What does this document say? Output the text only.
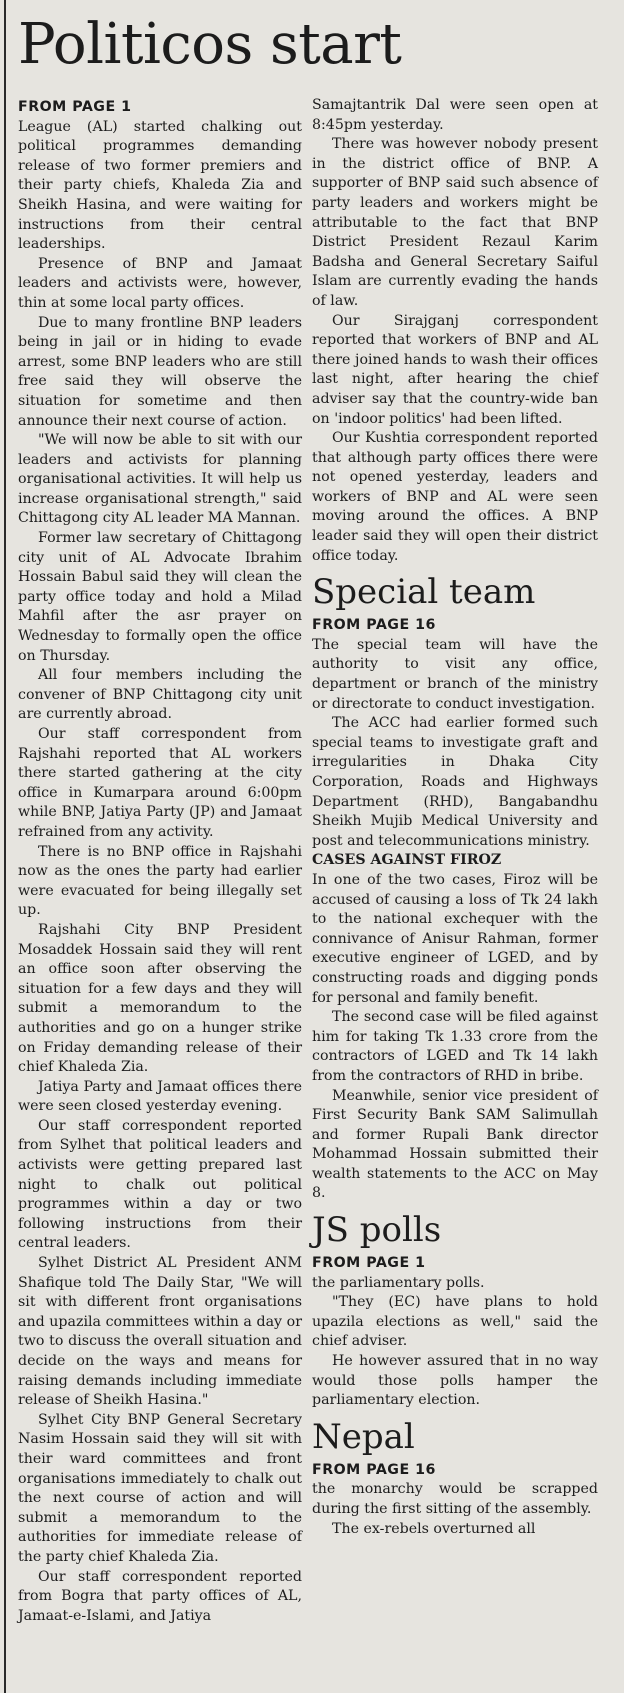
Politicos start

FROM PAGE 1

League (AL) started chalking out political programmes demanding release of two former premiers and their party chiefs, Khaleda Zia and Sheikh Hasina, and were waiting for instructions from their central leaderships.

Presence of BNP and Jamaat leaders and activists were, however, thin at some local party offices.

Due to many frontline BNP leaders being in jail or in hiding to evade arrest, some BNP leaders who are still free said they will observe the situation for sometime and then announce their next course of action.

"We will now be able to sit with our leaders and activists for planning organisational activities. It will help us increase organisational strength," said Chittagong city AL leader MA Mannan.

Former law secretary of Chittagong city unit of AL Advocate Ibrahim Hossain Babul said they will clean the party office today and hold a Milad Mahfil after the asr prayer on Wednesday to formally open the office on Thursday.

All four members including the convener of BNP Chittagong city unit are currently abroad.

Our staff correspondent from Rajshahi reported that AL workers there started gathering at the city office in Kumarpara around 6:00pm while BNP, Jatiya Party (JP) and Jamaat refrained from any activity.

There is no BNP office in Rajshahi now as the ones the party had earlier were evacuated for being illegally set up.

Rajshahi City BNP President Mosaddek Hossain said they will rent an office soon after observing the situation for a few days and they will submit a memorandum to the authorities and go on a hunger strike on Friday demanding release of their chief Khaleda Zia.

Jatiya Party and Jamaat offices there were seen closed yesterday evening.

Our staff correspondent reported from Sylhet that political leaders and activists were getting prepared last night to chalk out political programmes within a day or two following instructions from their central leaders.

Sylhet District AL President ANM Shafique told The Daily Star, "We will sit with different front organisations and upazila committees within a day or two to discuss the overall situation and decide on the ways and means for raising demands including immediate release of Sheikh Hasina."

Sylhet City BNP General Secretary Nasim Hossain said they will sit with their ward committees and front organisations immediately to chalk out the next course of action and will submit a memorandum to the authorities for immediate release of the party chief Khaleda Zia.

Our staff correspondent reported from Bogra that party offices of AL, Jamaat-e-Islami, and Jatiya

Samajtantrik Dal were seen open at 8:45pm yesterday.

There was however nobody present in the district office of BNP. A supporter of BNP said such absence of party leaders and workers might be attributable to the fact that BNP District President Rezaul Karim Badsha and General Secretary Saiful Islam are currently evading the hands of law.

Our Sirajganj correspondent reported that workers of BNP and AL there joined hands to wash their offices last night, after hearing the chief adviser say that the country-wide ban on 'indoor politics' had been lifted.

Our Kushtia correspondent reported that although party offices there were not opened yesterday, leaders and workers of BNP and AL were seen moving around the offices. A BNP leader said they will open their district office today.

Special team

FROM PAGE 16

The special team will have the authority to visit any office, department or branch of the ministry or directorate to conduct investigation.

The ACC had earlier formed such special teams to investigate graft and irregularities in Dhaka City Corporation, Roads and Highways Department (RHD), Bangabandhu Sheikh Mujib Medical University and post and telecommunications ministry.

CASES AGAINST FIROZ

In one of the two cases, Firoz will be accused of causing a loss of Tk 24 lakh to the national exchequer with the connivance of Anisur Rahman, former executive engineer of LGED, and by constructing roads and digging ponds for personal and family benefit.

The second case will be filed against him for taking Tk 1.33 crore from the contractors of LGED and Tk 14 lakh from the contractors of RHD in bribe.

Meanwhile, senior vice president of First Security Bank SAM Salimullah and former Rupali Bank director Mohammad Hossain submitted their wealth statements to the ACC on May 8.

JS polls

FROM PAGE 1

the parliamentary polls.

"They (EC) have plans to hold upazila elections as well," said the chief adviser.

He however assured that in no way would those polls hamper the parliamentary election.

Nepal

FROM PAGE 16

the monarchy would be scrapped during the first sitting of the assembly.

The ex-rebels overturned all
